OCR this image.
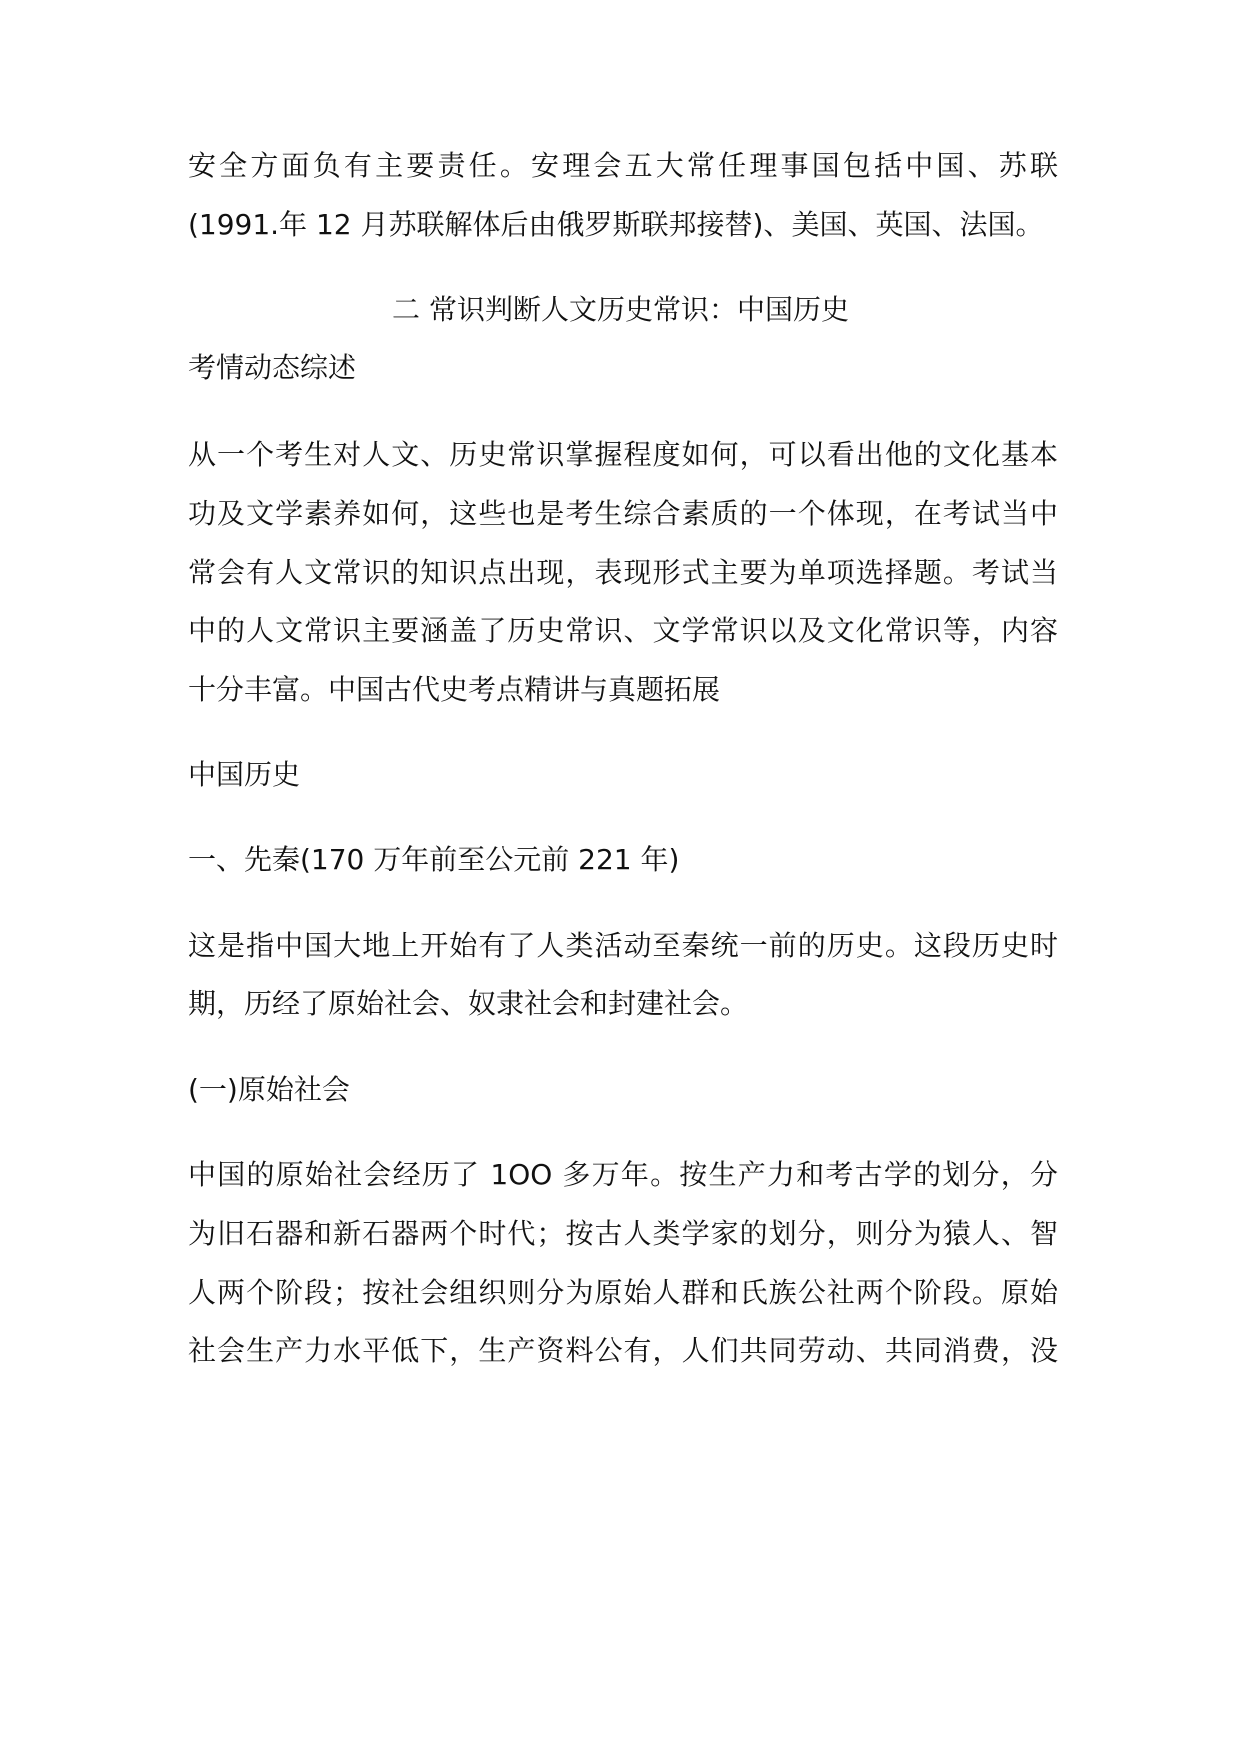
安全方面负有主要责任。安理会五大常任理事国包括中国、苏联
(1991.年 12 月苏联解体后由俄罗斯联邦接替)、美国、英国、法国。
二 常识判断人文历史常识：中国历史
考情动态综述
从一个考生对人文、历史常识掌握程度如何，可以看出他的文化基本
功及文学素养如何，这些也是考生综合素质的一个体现，在考试当中
常会有人文常识的知识点出现，表现形式主要为单项选择题。考试当
中的人文常识主要涵盖了历史常识、文学常识以及文化常识等，内容
十分丰富。中国古代史考点精讲与真题拓展
中国历史
一、先秦(170 万年前至公元前 221 年)
这是指中国大地上开始有了人类活动至秦统一前的历史。这段历史时
期，历经了原始社会、奴隶社会和封建社会。
(一)原始社会
中国的原始社会经历了 1OO 多万年。按生产力和考古学的划分，分
为旧石器和新石器两个时代；按古人类学家的划分，则分为猿人、智
人两个阶段；按社会组织则分为原始人群和氏族公社两个阶段。原始
社会生产力水平低下，生产资料公有，人们共同劳动、共同消费，没
